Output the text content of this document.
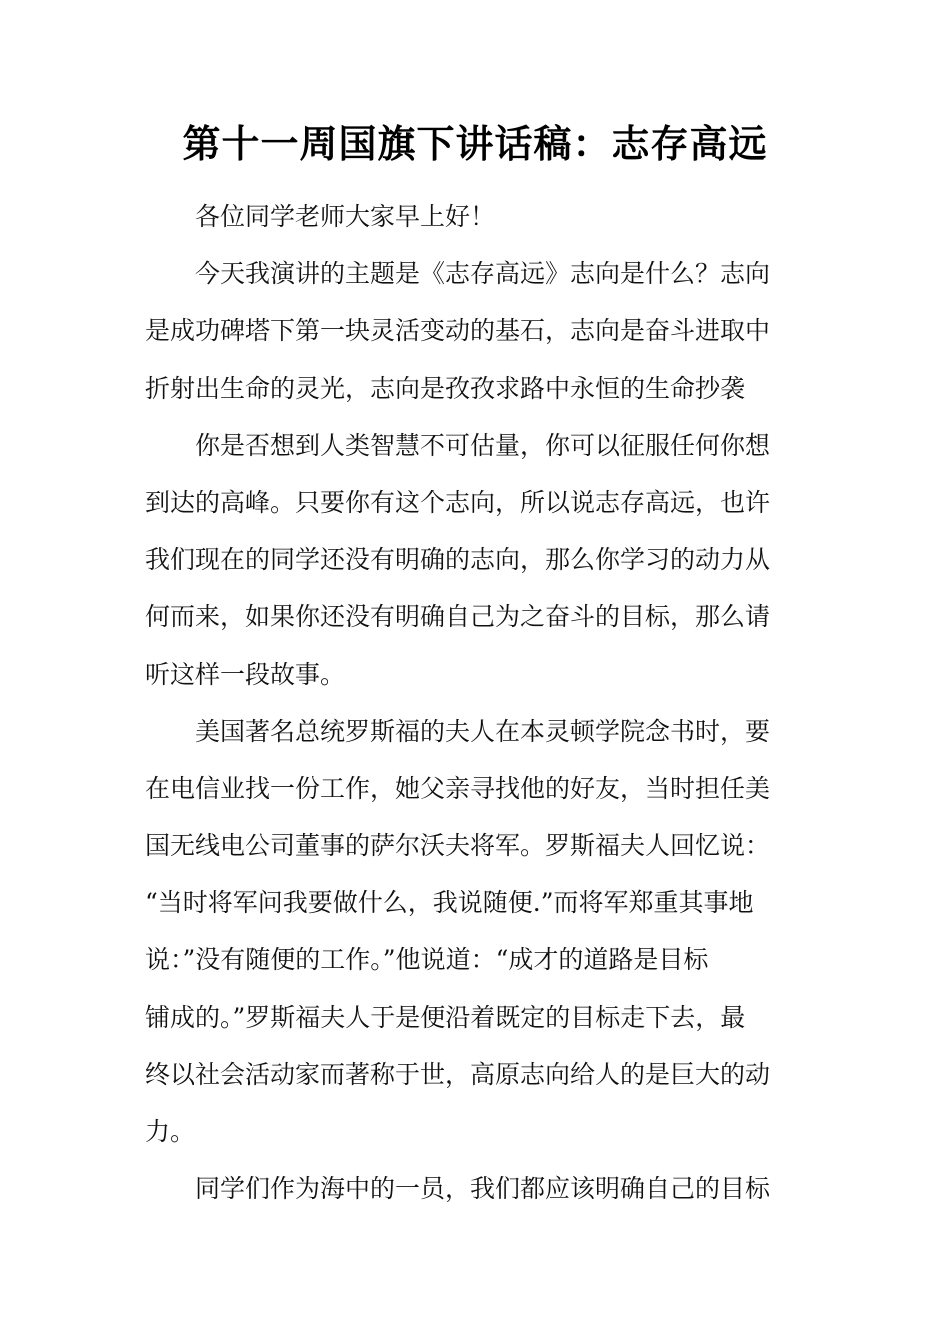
第十一周国旗下讲话稿：志存高远
各位同学老师大家早上好！
今天我演讲的主题是《志存高远》志向是什么？志向
是成功碑塔下第一块灵活变动的基石，志向是奋斗进取中
折射出生命的灵光，志向是孜孜求路中永恒的生命抄袭
你是否想到人类智慧不可估量，你可以征服任何你想
到达的高峰。只要你有这个志向，所以说志存高远，也许
我们现在的同学还没有明确的志向，那么你学习的动力从
何而来，如果你还没有明确自己为之奋斗的目标，那么请
听这样一段故事。
美国著名总统罗斯福的夫人在本灵顿学院念书时，要
在电信业找一份工作，她父亲寻找他的好友，当时担任美
国无线电公司董事的萨尔沃夫将军。罗斯福夫人回忆说：
“当时将军问我要做什么，我说随便.”而将军郑重其事地
说：”没有随便的工作。”他说道：“成才的道路是目标
铺成的。”罗斯福夫人于是便沿着既定的目标走下去，最
终以社会活动家而著称于世，高原志向给人的是巨大的动
力。
同学们作为海中的一员，我们都应该明确自己的目标
